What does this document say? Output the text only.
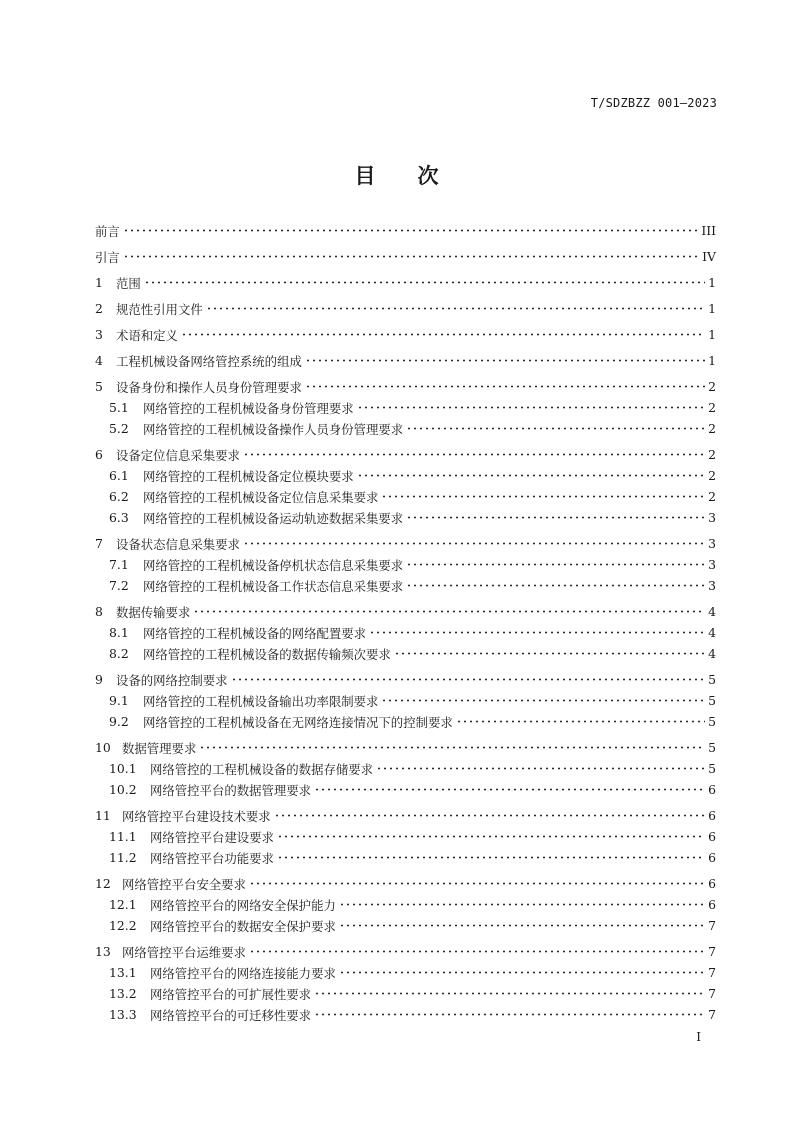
T/SDZBZZ 001—2023
目 次
前言	III
引言	IV
1	范围	1
2	规范性引用文件	1
3	术语和定义	1
4	工程机械设备网络管控系统的组成	1
5	设备身份和操作人员身份管理要求	2
5.1	网络管控的工程机械设备身份管理要求	2
5.2	网络管控的工程机械设备操作人员身份管理要求	2
6	设备定位信息采集要求	2
6.1	网络管控的工程机械设备定位模块要求	2
6.2	网络管控的工程机械设备定位信息采集要求	2
6.3	网络管控的工程机械设备运动轨迹数据采集要求	3
7	设备状态信息采集要求	3
7.1	网络管控的工程机械设备停机状态信息采集要求	3
7.2	网络管控的工程机械设备工作状态信息采集要求	3
8	数据传输要求	4
8.1	网络管控的工程机械设备的网络配置要求	4
8.2	网络管控的工程机械设备的数据传输频次要求	4
9	设备的网络控制要求	5
9.1	网络管控的工程机械设备输出功率限制要求	5
9.2	网络管控的工程机械设备在无网络连接情况下的控制要求	5
10 数据管理要求	5
10.1	网络管控的工程机械设备的数据存储要求	5
10.2	网络管控平台的数据管理要求	6
11 网络管控平台建设技术要求	6
11.1	网络管控平台建设要求	6
11.2	网络管控平台功能要求	6
12 网络管控平台安全要求	6
12.1	网络管控平台的网络安全保护能力	6
12.2	网络管控平台的数据安全保护要求	7
13 网络管控平台运维要求	7
13.1	网络管控平台的网络连接能力要求	7
13.2	网络管控平台的可扩展性要求	7
13.3	网络管控平台的可迁移性要求	7
I
